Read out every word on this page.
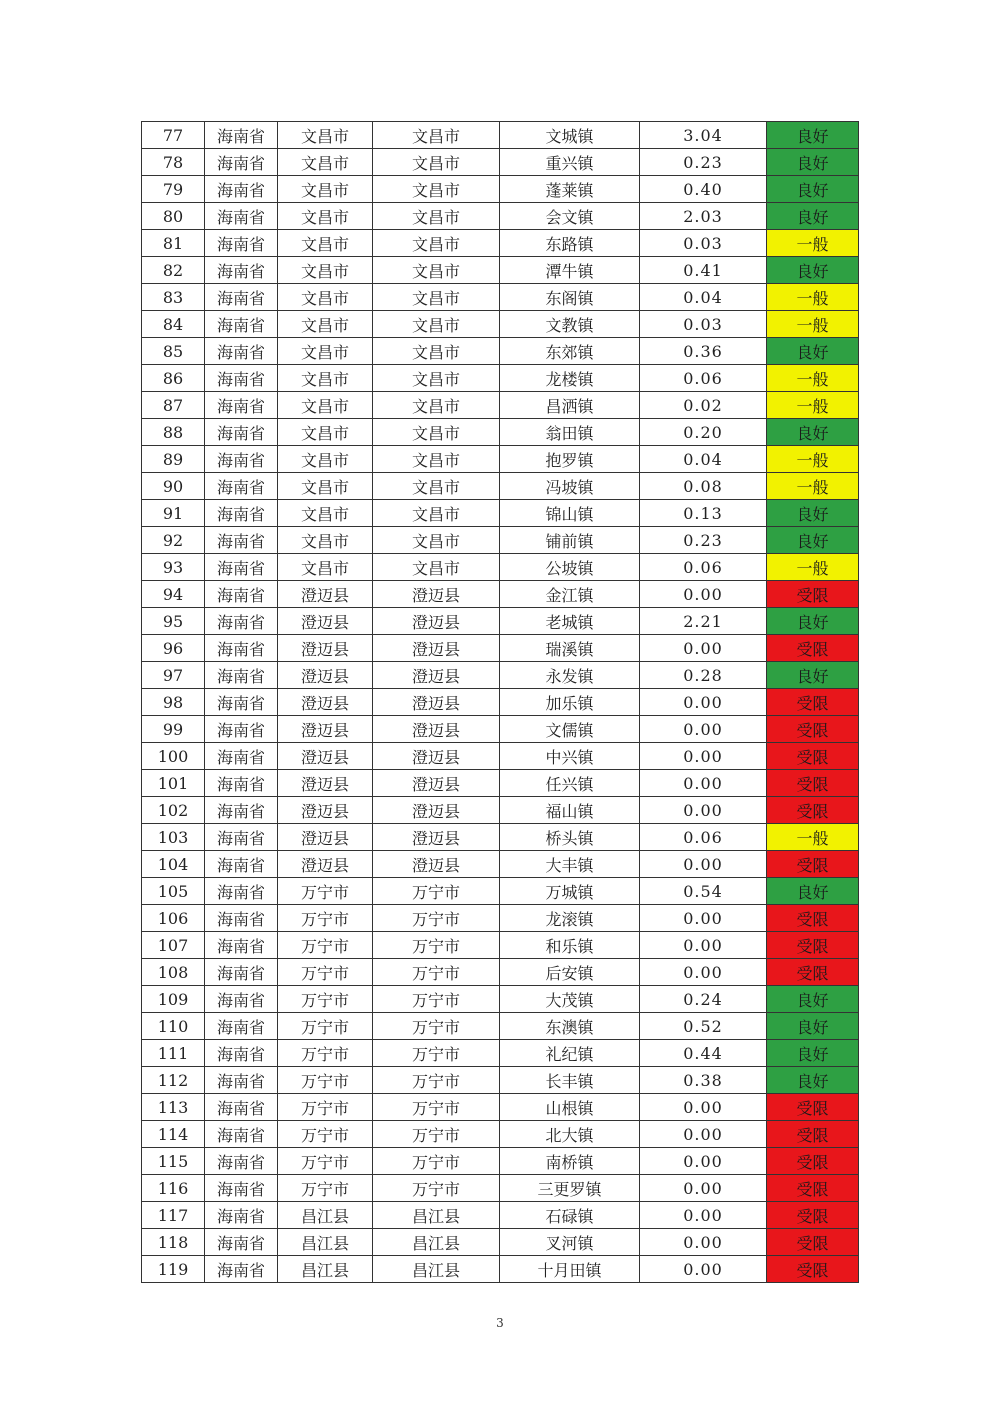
77	海南省	文昌市	文昌市	文城镇	3.04	良好
78	海南省	文昌市	文昌市	重兴镇	0.23	良好
79	海南省	文昌市	文昌市	蓬莱镇	0.40	良好
80	海南省	文昌市	文昌市	会文镇	2.03	良好
81	海南省	文昌市	文昌市	东路镇	0.03	一般
82	海南省	文昌市	文昌市	潭牛镇	0.41	良好
83	海南省	文昌市	文昌市	东阁镇	0.04	一般
84	海南省	文昌市	文昌市	文教镇	0.03	一般
85	海南省	文昌市	文昌市	东郊镇	0.36	良好
86	海南省	文昌市	文昌市	龙楼镇	0.06	一般
87	海南省	文昌市	文昌市	昌洒镇	0.02	一般
88	海南省	文昌市	文昌市	翁田镇	0.20	良好
89	海南省	文昌市	文昌市	抱罗镇	0.04	一般
90	海南省	文昌市	文昌市	冯坡镇	0.08	一般
91	海南省	文昌市	文昌市	锦山镇	0.13	良好
92	海南省	文昌市	文昌市	铺前镇	0.23	良好
93	海南省	文昌市	文昌市	公坡镇	0.06	一般
94	海南省	澄迈县	澄迈县	金江镇	0.00	受限
95	海南省	澄迈县	澄迈县	老城镇	2.21	良好
96	海南省	澄迈县	澄迈县	瑞溪镇	0.00	受限
97	海南省	澄迈县	澄迈县	永发镇	0.28	良好
98	海南省	澄迈县	澄迈县	加乐镇	0.00	受限
99	海南省	澄迈县	澄迈县	文儒镇	0.00	受限
100	海南省	澄迈县	澄迈县	中兴镇	0.00	受限
101	海南省	澄迈县	澄迈县	任兴镇	0.00	受限
102	海南省	澄迈县	澄迈县	福山镇	0.00	受限
103	海南省	澄迈县	澄迈县	桥头镇	0.06	一般
104	海南省	澄迈县	澄迈县	大丰镇	0.00	受限
105	海南省	万宁市	万宁市	万城镇	0.54	良好
106	海南省	万宁市	万宁市	龙滚镇	0.00	受限
107	海南省	万宁市	万宁市	和乐镇	0.00	受限
108	海南省	万宁市	万宁市	后安镇	0.00	受限
109	海南省	万宁市	万宁市	大茂镇	0.24	良好
110	海南省	万宁市	万宁市	东澳镇	0.52	良好
111	海南省	万宁市	万宁市	礼纪镇	0.44	良好
112	海南省	万宁市	万宁市	长丰镇	0.38	良好
113	海南省	万宁市	万宁市	山根镇	0.00	受限
114	海南省	万宁市	万宁市	北大镇	0.00	受限
115	海南省	万宁市	万宁市	南桥镇	0.00	受限
116	海南省	万宁市	万宁市	三更罗镇	0.00	受限
117	海南省	昌江县	昌江县	石碌镇	0.00	受限
118	海南省	昌江县	昌江县	叉河镇	0.00	受限
119	海南省	昌江县	昌江县	十月田镇	0.00	受限
3
